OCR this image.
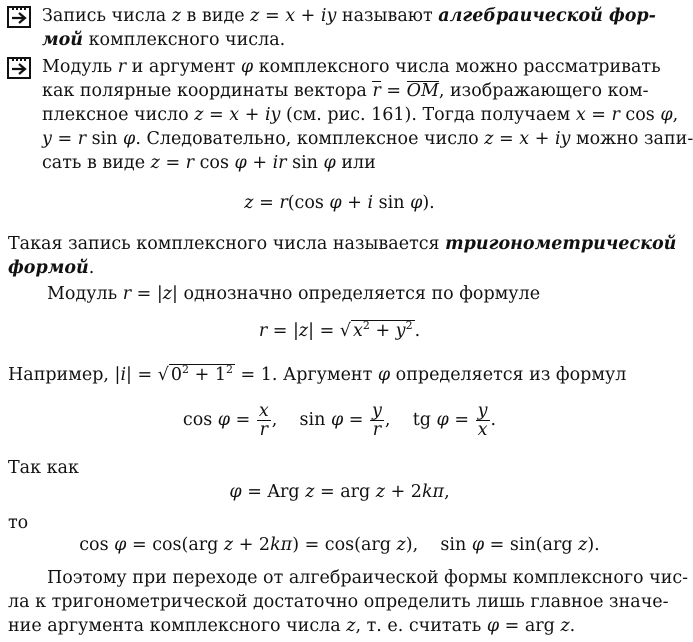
Запись числа z в виде z = x + iy называют алгебраической фор-
мой комплексного числа.
Модуль r и аргумент φ комплексного числа можно рассматривать
как полярные координаты вектора r = OM, изображающего ком-
плексное число z = x + iy (см. рис. 161). Тогда получаем x = r cos φ,
y = r sin φ. Следовательно, комплексное число z = x + iy можно запи-
сать в виде z = r cos φ + ir sin φ или
z = r(cos φ + i sin φ).
Такая запись комплексного числа называется тригонометрической
формой.
Модуль r = |z| однозначно определяется по формуле
r = |z| = √ $x^2 + y^2$ .
Например, |i| = √ $0^2 + 1^2 = 1$. Аргумент φ определяется из формул
$\cos \varphi = \frac{x}{r}$ ,    $\sin \varphi = \frac{y}{r}$ ,    tg $\varphi = \frac{y}{x}$ .
Так как
φ = Arg z = arg z + 2kπ,
то
cos φ = cos(arg z + 2kπ) = cos(arg z),    sin φ = sin(arg z).
Поэтому при переходе от алгебраической формы комплексного чис-
ла к тригонометрической достаточно определить лишь главное значе-
ние аргумента комплексного числа z, т. е. считать φ = arg z.
